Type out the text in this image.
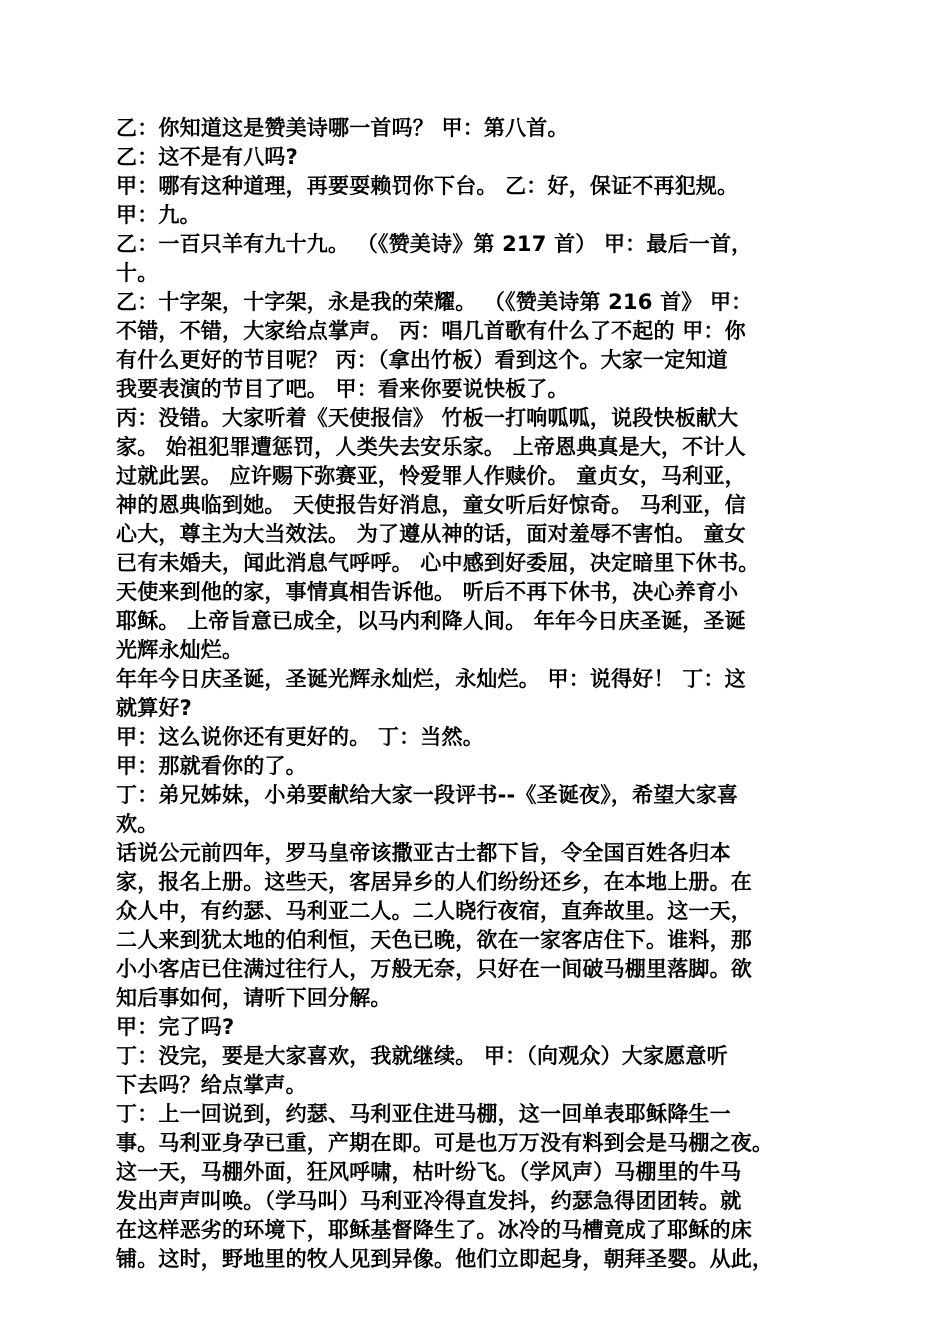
乙：你知道这是赞美诗哪一首吗？ 甲：第八首。
乙：这不是有八吗?
甲：哪有这种道理，再要耍赖罚你下台。 乙：好，保证不再犯规。
甲：九。
乙：一百只羊有九十九。 （《赞美诗》第 217 首） 甲：最后一首，
十。
乙：十字架，十字架，永是我的荣耀。 （《赞美诗第 216 首》 甲：
不错，不错，大家给点掌声。 丙：唱几首歌有什么了不起的 甲：你
有什么更好的节目呢？ 丙：（拿出竹板）看到这个。大家一定知道
我要表演的节目了吧。 甲：看来你要说快板了。
丙：没错。大家听着《天使报信》 竹板一打响呱呱，说段快板献大
家。 始祖犯罪遭惩罚，人类失去安乐家。 上帝恩典真是大，不计人
过就此罢。 应许赐下弥赛亚，怜爱罪人作赎价。 童贞女，马利亚，
神的恩典临到她。 天使报告好消息，童女听后好惊奇。 马利亚，信
心大，尊主为大当效法。 为了遵从神的话，面对羞辱不害怕。 童女
已有未婚夫，闻此消息气呼呼。 心中感到好委屈，决定暗里下休书。
天使来到他的家，事情真相告诉他。 听后不再下休书，决心养育小
耶稣。 上帝旨意已成全，以马内利降人间。 年年今日庆圣诞，圣诞
光辉永灿烂。
年年今日庆圣诞，圣诞光辉永灿烂，永灿烂。 甲：说得好！ 丁：这
就算好?
甲：这么说你还有更好的。 丁：当然。
甲：那就看你的了。
丁：弟兄姊妹，小弟要献给大家一段评书--《圣诞夜》，希望大家喜
欢。
话说公元前四年，罗马皇帝该撒亚古士都下旨，令全国百姓各归本
家，报名上册。这些天，客居异乡的人们纷纷还乡，在本地上册。在
众人中，有约瑟、马利亚二人。二人晓行夜宿，直奔故里。这一天，
二人来到犹太地的伯利恒，天色已晚，欲在一家客店住下。谁料，那
小小客店已住满过往行人，万般无奈，只好在一间破马棚里落脚。欲
知后事如何，请听下回分解。
甲：完了吗?
丁：没完，要是大家喜欢，我就继续。 甲：（向观众）大家愿意听
下去吗？给点掌声。
丁：上一回说到，约瑟、马利亚住进马棚，这一回单表耶稣降生一
事。马利亚身孕已重，产期在即。可是也万万没有料到会是马棚之夜。
这一天，马棚外面，狂风呼啸，枯叶纷飞。（学风声）马棚里的牛马
发出声声叫唤。（学马叫）马利亚冷得直发抖，约瑟急得团团转。就
在这样恶劣的环境下，耶稣基督降生了。冰冷的马槽竟成了耶稣的床
铺。这时，野地里的牧人见到异像。他们立即起身，朝拜圣婴。从此，
